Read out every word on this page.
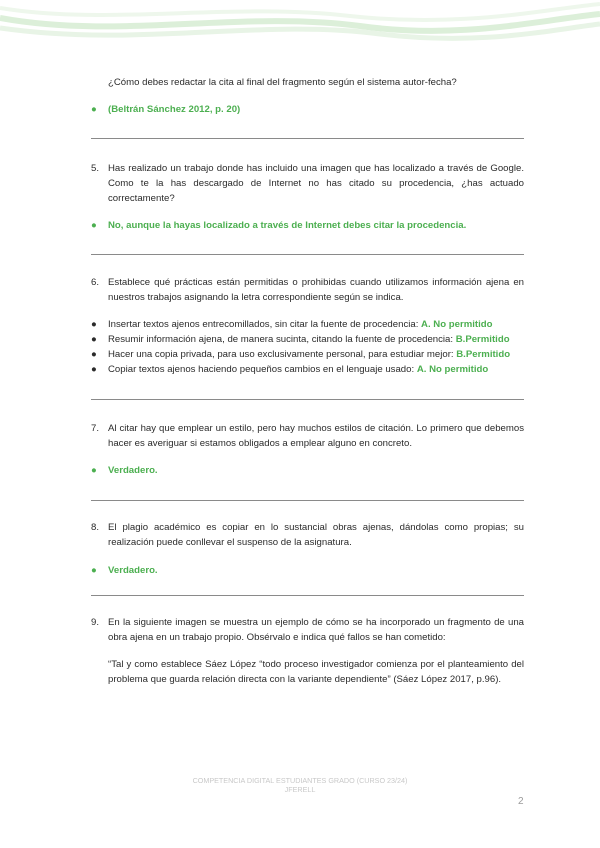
¿Cómo debes redactar la cita al final del fragmento según el sistema autor-fecha?
●	(Beltrán Sánchez 2012, p. 20)
5. Has realizado un trabajo donde has incluido una imagen que has localizado a través de Google. Como te la has descargado de Internet no has citado su procedencia, ¿has actuado correctamente?
●	No, aunque la hayas localizado a través de Internet debes citar la procedencia.
6. Establece qué prácticas están permitidas o prohibidas cuando utilizamos información ajena en nuestros trabajos asignando la letra correspondiente según se indica.
●	Insertar textos ajenos entrecomillados, sin citar la fuente de procedencia: A. No permitido
●	Resumir información ajena, de manera sucinta, citando la fuente de procedencia: B.Permitido
●	Hacer una copia privada, para uso exclusivamente personal, para estudiar mejor: B.Permitido
●	Copiar textos ajenos haciendo pequeños cambios en el lenguaje usado: A. No permitido
7. Al citar hay que emplear un estilo, pero hay muchos estilos de citación. Lo primero que debemos hacer es averiguar si estamos obligados a emplear alguno en concreto.
●	Verdadero.
8. El plagio académico es copiar en lo sustancial obras ajenas, dándolas como propias; su realización puede conllevar el suspenso de la asignatura.
●	Verdadero.
9. En la siguiente imagen se muestra un ejemplo de cómo se ha incorporado un fragmento de una obra ajena en un trabajo propio. Obsérvalo e indica qué fallos se han cometido:
“Tal y como establece Sáez López “todo proceso investigador comienza por el planteamiento del problema que guarda relación directa con la variante dependiente” (Sáez López 2017, p.96).
COMPETENCIA DIGITAL ESTUDIANTES GRADO (CURSO 23/24)
JFERELL
2
